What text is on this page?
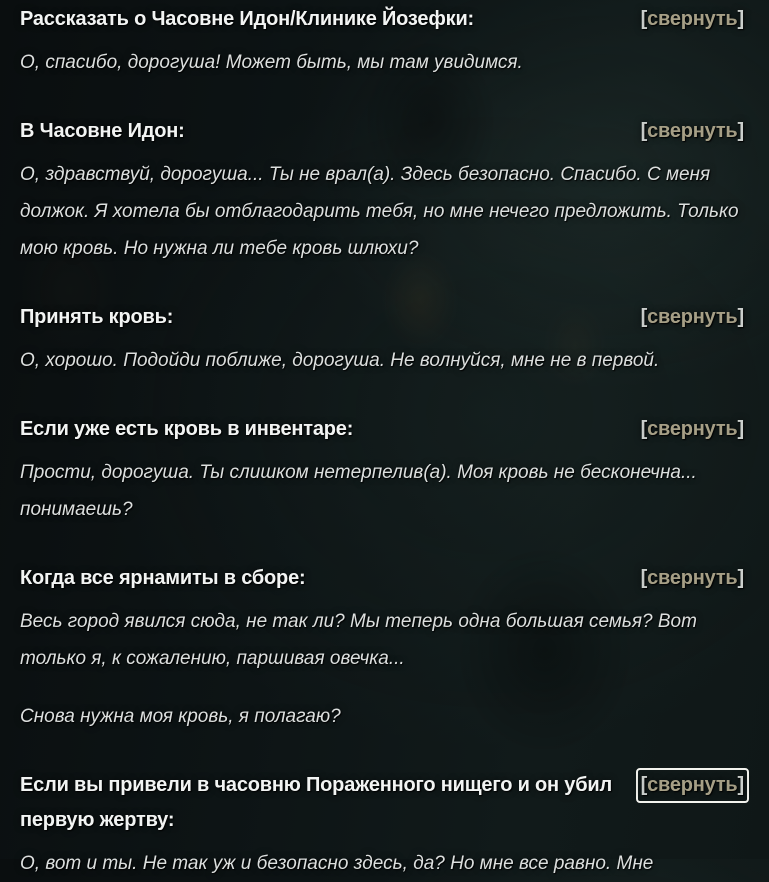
[свернуть]
Рассказать о Часовне Идон/Клинике Йозефки:

О, спасибо, дорогуша! Может быть, мы там увидимся.

[свернуть]
В Часовне Идон:

О, здравствуй, дорогуша... Ты не врал(а). Здесь безопасно. Спасибо. С меня должок. Я хотела бы отблагодарить тебя, но мне нечего предложить. Только мою кровь. Но нужна ли тебе кровь шлюхи?

[свернуть]
Принять кровь:

О, хорошо. Подойди поближе, дорогуша. Не волнуйся, мне не в первой.

[свернуть]
Если уже есть кровь в инвентаре:

Прости, дорогуша. Ты слишком нетерпелив(а). Моя кровь не бесконечна... понимаешь?

[свернуть]
Когда все ярнамиты в сборе:

Весь город явился сюда, не так ли? Мы теперь одна большая семья? Вот только я, к сожалению, паршивая овечка...

Снова нужна моя кровь, я полагаю?

[свернуть]
Если вы привели в часовню Пораженного нищего и он убил первую жертву:

О, вот и ты. Не так уж и безопасно здесь, да? Но мне все равно. Мне
